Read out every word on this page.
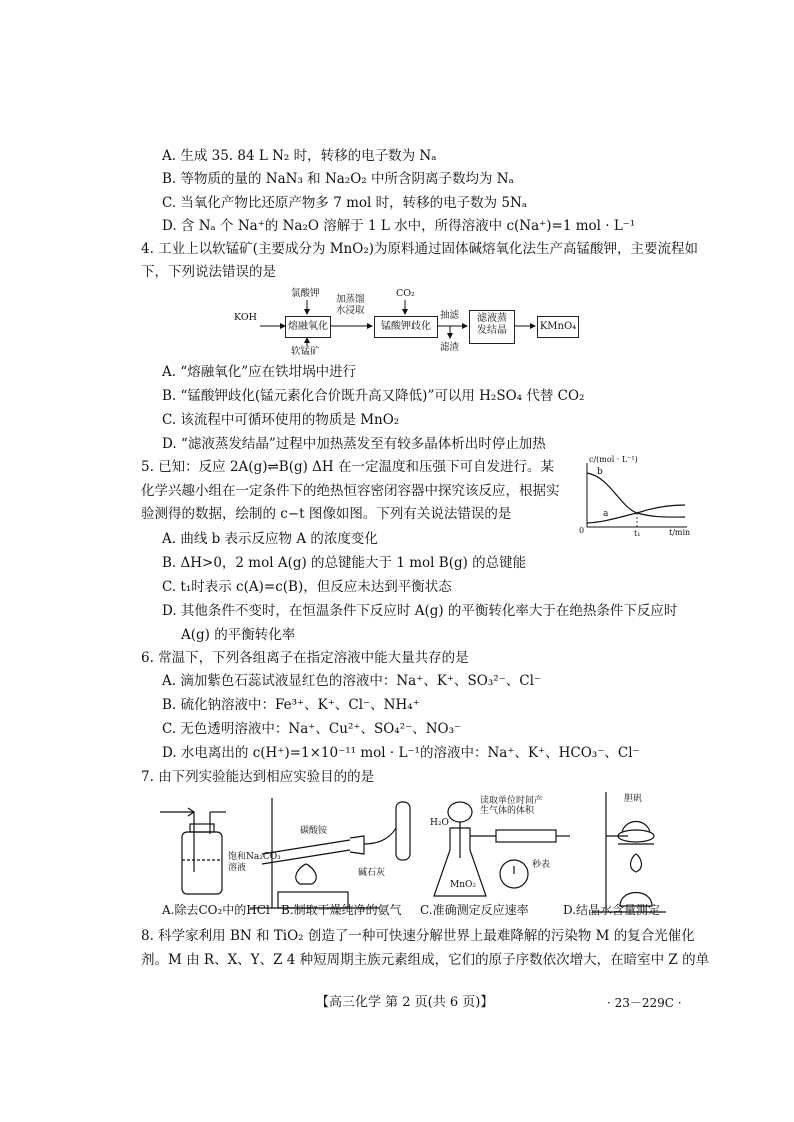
A. 生成 35. 84 L N₂ 时，转移的电子数为 Nₐ
B. 等物质的量的 NaN₃ 和 Na₂O₂ 中所含阴离子数均为 Nₐ
C. 当氧化产物比还原产物多 7 mol 时，转移的电子数为 5Nₐ
D. 含 Nₐ 个 Na⁺的 Na₂O 溶解于 1 L 水中，所得溶液中 c(Na⁺)=1 mol · L⁻¹
4. 工业上以软锰矿(主要成分为 MnO₂)为原料通过固体碱熔氧化法生产高锰酸钾，主要流程如
下，下列说法错误的是
KOH
氯酸钾
熔融氧化
软锰矿
加蒸馏
水浸取
CO₂
锰酸钾歧化
抽滤
滤渣
滤液蒸
发结晶	KMnO₄
A. “熔融氧化”应在铁坩埚中进行
B. “锰酸钾歧化(锰元素化合价既升高又降低)”可以用 H₂SO₄ 代替 CO₂
C. 该流程中可循环使用的物质是 MnO₂
D. “滤液蒸发结晶”过程中加热蒸发至有较多晶体析出时停止加热
5. 已知：反应 2A(g)⇌B(g) ΔH 在一定温度和压强下可自发进行。某
化学兴趣小组在一定条件下的绝热恒容密闭容器中探究该反应，根据实
验测得的数据，绘制的 c−t 图像如图。下列有关说法错误的是
c/(mol · L⁻¹)
t/min
b
a
0	t₁
A. 曲线 b 表示反应物 A 的浓度变化
B. ΔH>0，2 mol A(g) 的总键能大于 1 mol B(g) 的总键能
C. t₁时表示 c(A)=c(B)，但反应未达到平衡状态
D. 其他条件不变时，在恒温条件下反应时 A(g) 的平衡转化率大于在绝热条件下反应时
A(g) 的平衡转化率
6. 常温下，下列各组离子在指定溶液中能大量共存的是
A. 滴加紫色石蕊试液显红色的溶液中：Na⁺、K⁺、SO₃²⁻、Cl⁻
B. 硫化钠溶液中：Fe³⁺、K⁺、Cl⁻、NH₄⁺
C. 无色透明溶液中：Na⁺、Cu²⁺、SO₄²⁻、NO₃⁻
D. 水电离出的 c(H⁺)=1×10⁻¹¹ mol · L⁻¹的溶液中：Na⁺、K⁺、HCO₃⁻、Cl⁻
7. 由下列实验能达到相应实验目的的是
饱和Na₂CO₃
溶液
碳酸铵
碱石灰
H₂O
读取单位时间产
生气体的体积
MnO₂
秒表
胆矾
A.除去CO₂中的HCl B.制取干燥纯净的氨气 C.准确测定反应速率	D.结晶水含量测定
8. 科学家利用 BN 和 TiO₂ 创造了一种可快速分解世界上最难降解的污染物 M 的复合光催化
剂。M 由 R、X、Y、Z 4 种短周期主族元素组成，它们的原子序数依次增大，在暗室中 Z 的单
【高三化学 第 2 页(共 6 页)】	· 23－229C ·
